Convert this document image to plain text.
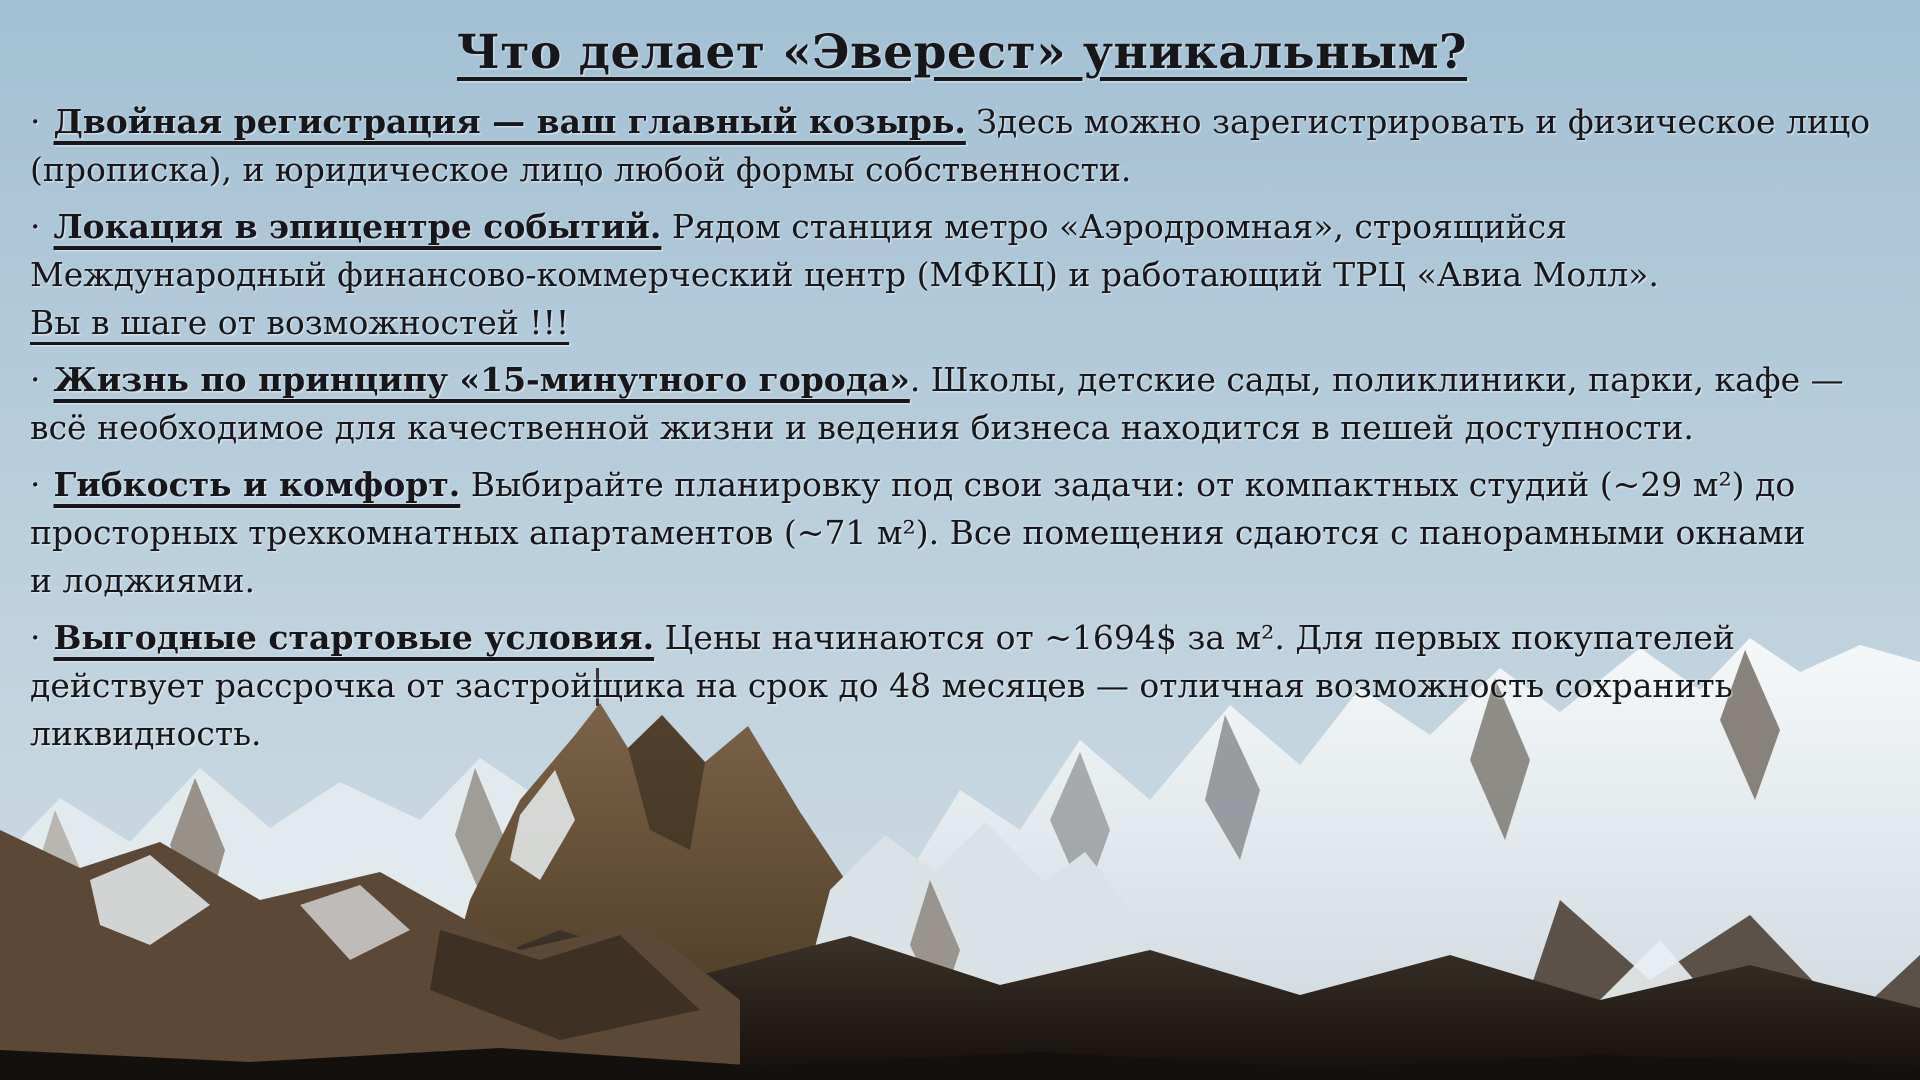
Что делает «Эверест» уникальным?

· Двойная регистрация — ваш главный козырь. Здесь можно зарегистрировать и физическое лицо
(прописка), и юридическое лицо любой формы собственности.

· Локация в эпицентре событий. Рядом станция метро «Аэродромная», строящийся
Международный финансово-коммерческий центр (МФКЦ) и работающий ТРЦ «Авиа Молл».
Вы в шаге от возможностей !!!

· Жизнь по принципу «15-минутного города». Школы, детские сады, поликлиники, парки, кафе —
всё необходимое для качественной жизни и ведения бизнеса находится в пешей доступности.

· Гибкость и комфорт. Выбирайте планировку под свои задачи: от компактных студий (~29 м²) до
просторных трехкомнатных апартаментов (~71 м²). Все помещения сдаются с панорамными окнами
и лоджиями.

· Выгодные стартовые условия. Цены начинаются от ~1694$ за м². Для первых покупателей
действует рассрочка от застройщика на срок до 48 месяцев — отличная возможность сохранить
ликвидность.
